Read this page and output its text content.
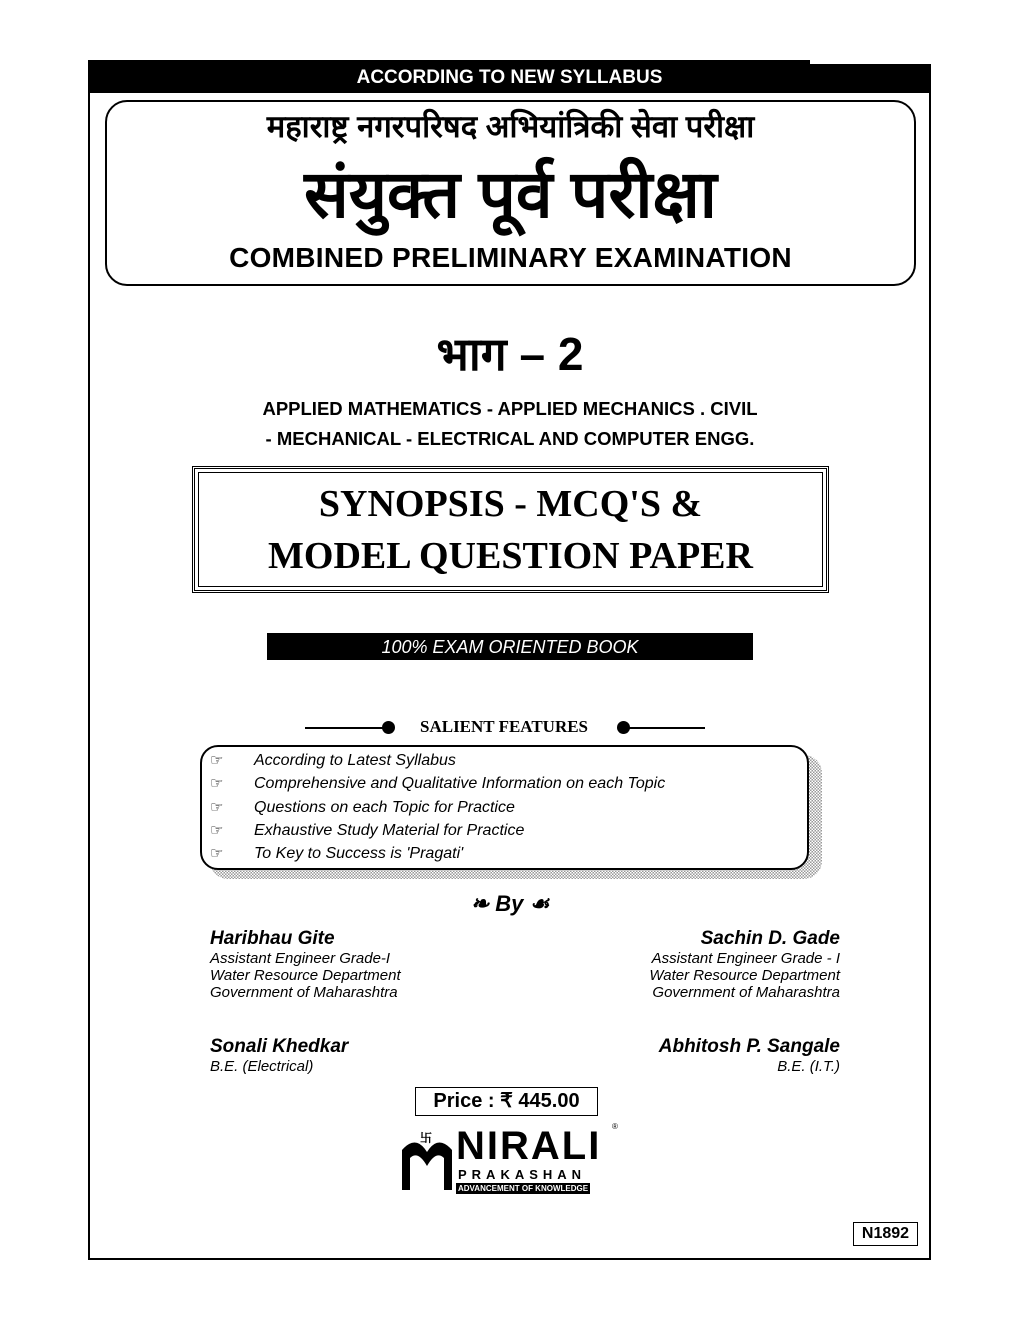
ACCORDING TO NEW SYLLABUS
महाराष्ट्र नगरपरिषद अभियांत्रिकी सेवा परीक्षा
संयुक्त पूर्व परीक्षा
COMBINED PRELIMINARY EXAMINATION
भाग – 2
APPLIED MATHEMATICS - APPLIED MECHANICS . CIVIL
- MECHANICAL - ELECTRICAL AND COMPUTER ENGG.
SYNOPSIS - MCQ'S &
MODEL QUESTION PAPER
100% EXAM ORIENTED BOOK
SALIENT FEATURES
☞	According to Latest Syllabus
☞	Comprehensive and Qualitative Information on each Topic
☞	Questions on each Topic for Practice
☞	Exhaustive Study Material for Practice
☞	To Key to Success is 'Pragati'
❧ By ☙
Haribhau Gite
Assistant Engineer Grade-I
Water Resource Department
Government of Maharashtra
Sachin D. Gade
Assistant Engineer Grade - I
Water Resource Department
Government of Maharashtra
Sonali Khedkar
B.E. (Electrical)
Abhitosh P. Sangale
B.E. (I.T.)
Price : ₹ 445.00
卐 NIRALI
PRAKASHAN
ADVANCEMENT OF KNOWLEDGE
®
N1892
